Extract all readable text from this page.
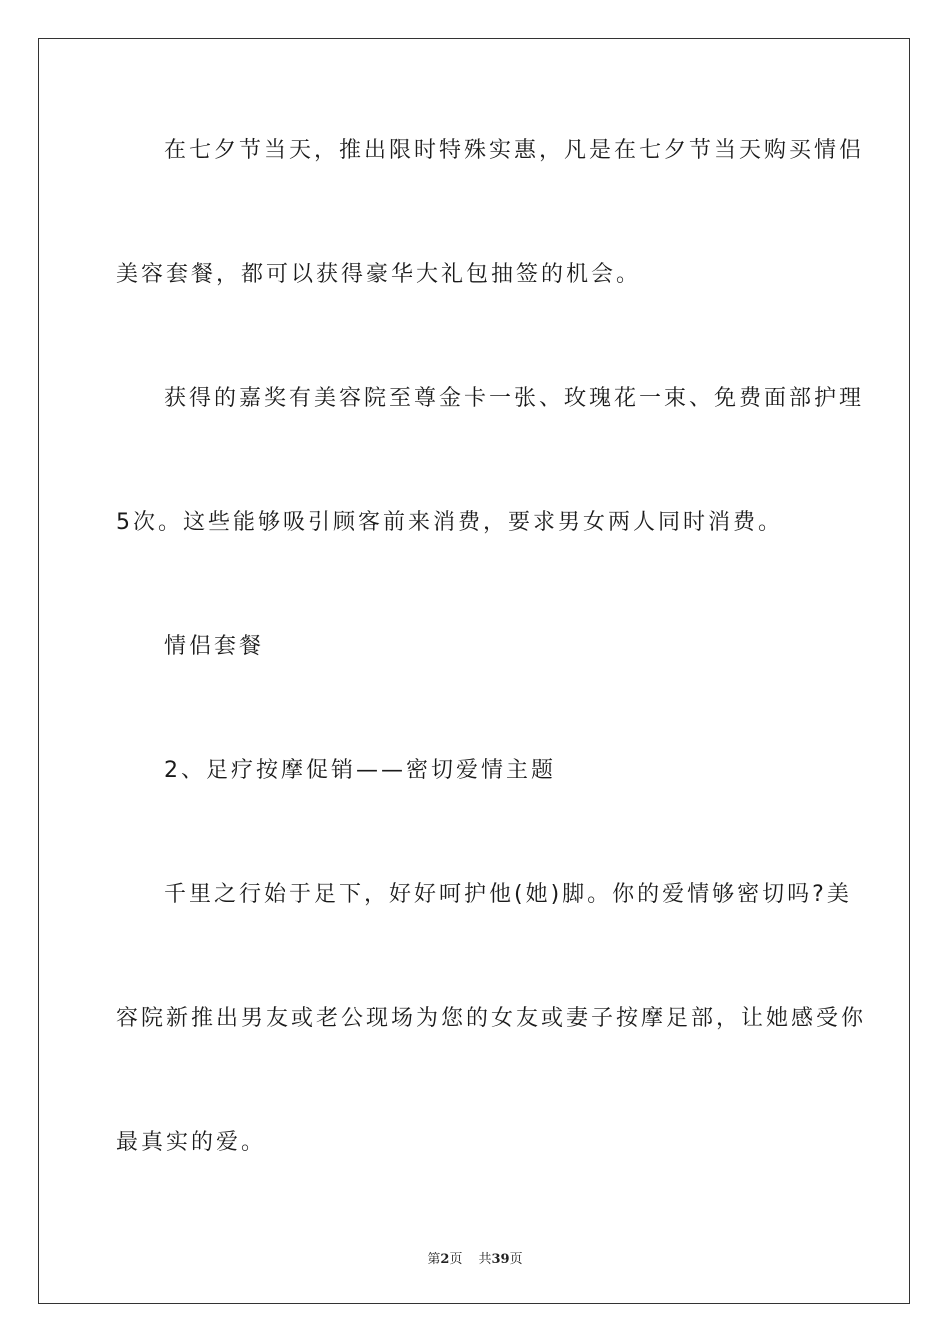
在七夕节当天，推出限时特殊实惠，凡是在七夕节当天购买情侣
美容套餐，都可以获得豪华大礼包抽签的机会。
获得的嘉奖有美容院至尊金卡一张、玫瑰花一束、免费面部护理
5次。这些能够吸引顾客前来消费，要求男女两人同时消费。
情侣套餐
2、足疗按摩促销——密切爱情主题
千里之行始于足下，好好呵护他(她)脚。你的爱情够密切吗?美
容院新推出男友或老公现场为您的女友或妻子按摩足部，让她感受你
最真实的爱。
第2页 共39页
